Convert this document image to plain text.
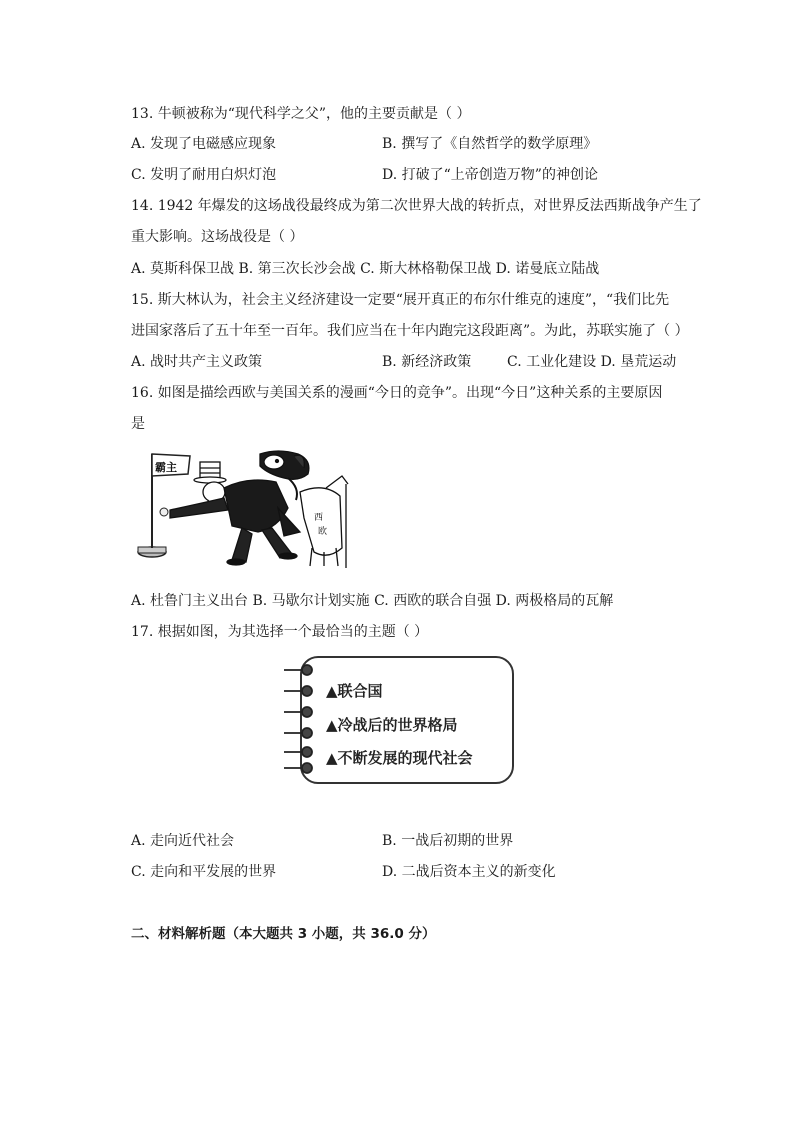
13. 牛顿被称为“现代科学之父”，他的主要贡献是（ ）
A. 发现了电磁感应现象	B. 撰写了《自然哲学的数学原理》
C. 发明了耐用白炽灯泡	D. 打破了“上帝创造万物”的神创论
14. 1942 年爆发的这场战役最终成为第二次世界大战的转折点，对世界反法西斯战争产生了
重大影响。这场战役是（ ）
A. 莫斯科保卫战 B. 第三次长沙会战 C. 斯大林格勒保卫战 D. 诺曼底立陆战
15. 斯大林认为，社会主义经济建设一定要“展开真正的布尔什维克的速度”，“我们比先
进国家落后了五十年至一百年。我们应当在十年内跑完这段距离”。为此，苏联实施了（ ）
A. 战时共产主义政策	B. 新经济政策	C. 工业化建设 D. 垦荒运动
16. 如图是描绘西欧与美国关系的漫画“今日的竞争”。出现“今日”这种关系的主要原因
是
霸主
西
欧
A. 杜鲁门主义出台 B. 马歇尔计划实施 C. 西欧的联合自强 D. 两极格局的瓦解
17. 根据如图，为其选择一个最恰当的主题（ ）
▲联合国
▲冷战后的世界格局
▲不断发展的现代社会
A. 走向近代社会	B. 一战后初期的世界
C. 走向和平发展的世界	D. 二战后资本主义的新变化
二、材料解析题（本大题共 3 小题，共 36.0 分）
